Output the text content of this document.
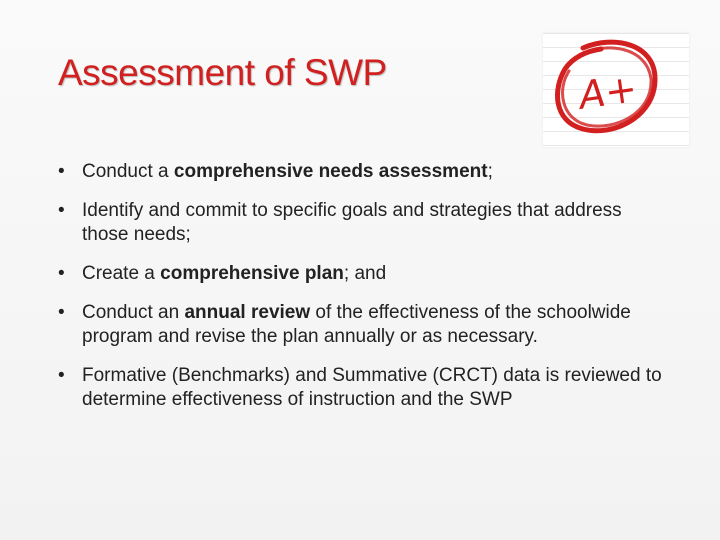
Assessment of SWP	A+
• Conduct a comprehensive needs assessment;
• Identify and commit to specific goals and strategies that address those needs;
• Create a comprehensive plan; and
• Conduct an annual review of the effectiveness of the schoolwide program and revise the plan annually or as necessary.
• Formative (Benchmarks) and Summative (CRCT) data is reviewed to determine effectiveness of instruction and the SWP
